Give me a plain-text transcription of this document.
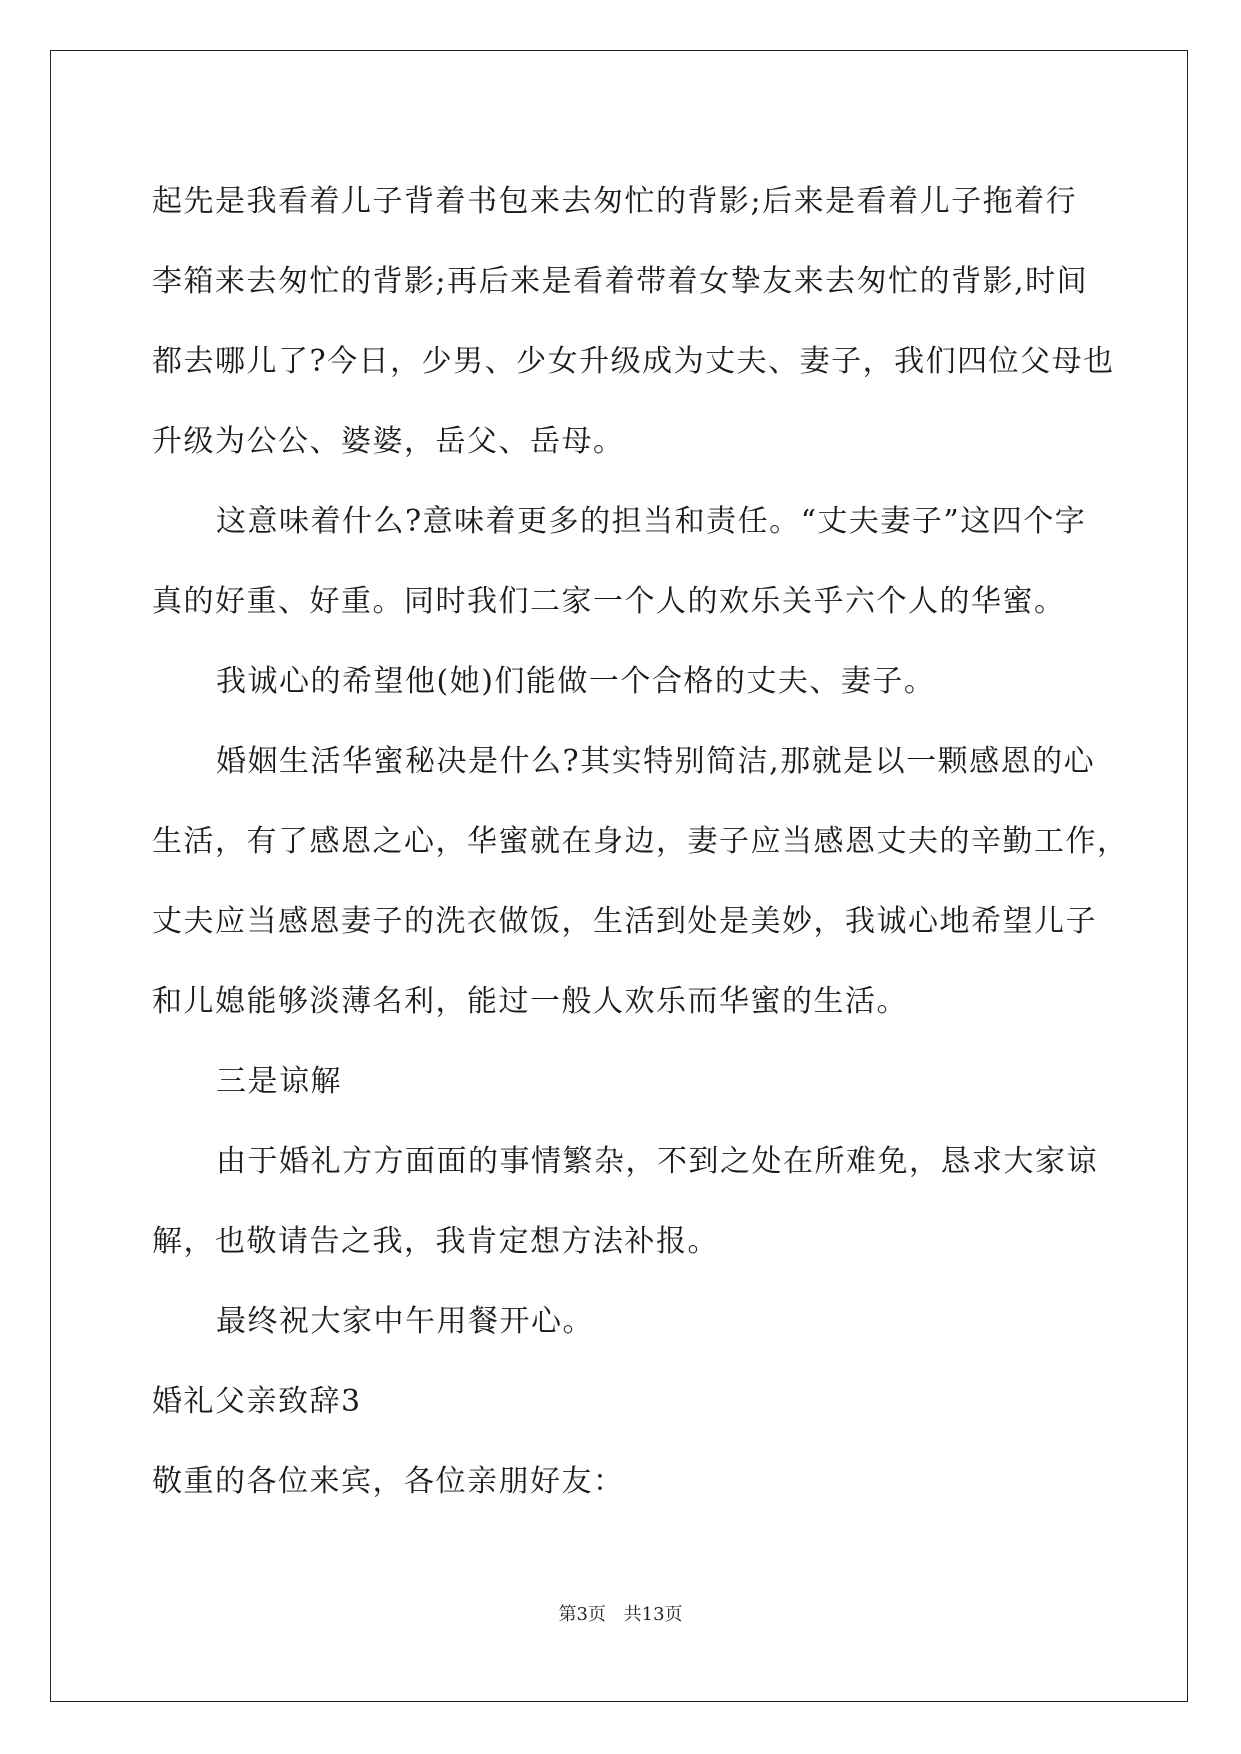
起先是我看着儿子背着书包来去匆忙的背影;后来是看着儿子拖着行
李箱来去匆忙的背影;再后来是看着带着女挚友来去匆忙的背影,时间
都去哪儿了?今日，少男、少女升级成为丈夫、妻子，我们四位父母也
升级为公公、婆婆，岳父、岳母。
这意味着什么?意味着更多的担当和责任。“丈夫妻子”这四个字
真的好重、好重。同时我们二家一个人的欢乐关乎六个人的华蜜。
我诚心的希望他(她)们能做一个合格的丈夫、妻子。
婚姻生活华蜜秘决是什么?其实特别简洁,那就是以一颗感恩的心
生活，有了感恩之心，华蜜就在身边，妻子应当感恩丈夫的辛勤工作，
丈夫应当感恩妻子的洗衣做饭，生活到处是美妙，我诚心地希望儿子
和儿媳能够淡薄名利，能过一般人欢乐而华蜜的生活。
三是谅解
由于婚礼方方面面的事情繁杂，不到之处在所难免，恳求大家谅
解，也敬请告之我，我肯定想方法补报。
最终祝大家中午用餐开心。
婚礼父亲致辞3
敬重的各位来宾，各位亲朋好友：
第3页 共13页
